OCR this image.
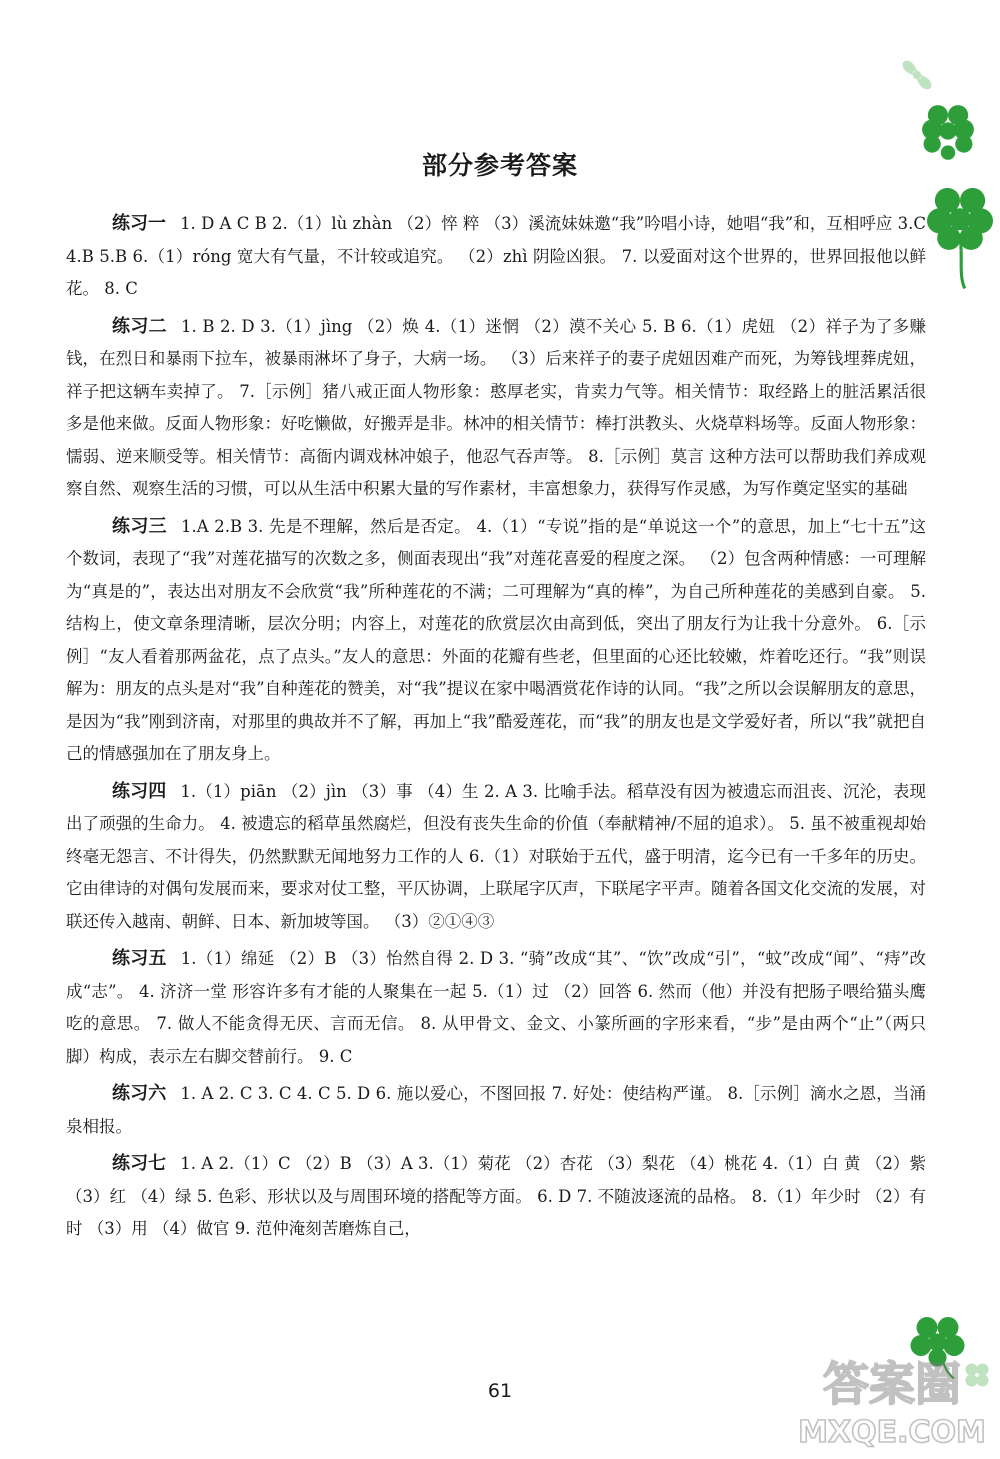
部分参考答案

练习一 1. D A C B 2.（1）lù zhàn （2）悴 粹 （3）溪流妹妹邀“我”吟唱小诗，她唱“我”和，互相呼应 3.C 4.B 5.B 6.（1）róng 宽大有气量，不计较或追究。 （2）zhì 阴险凶狠。 7. 以爱面对这个世界的，世界回报他以鲜花。 8. C

练习二 1. B 2. D 3.（1）jìng （2）焕 4.（1）迷惘 （2）漠不关心 5. B 6.（1）虎妞 （2）祥子为了多赚钱，在烈日和暴雨下拉车，被暴雨淋坏了身子，大病一场。 （3）后来祥子的妻子虎妞因难产而死，为筹钱埋葬虎妞，祥子把这辆车卖掉了。 7.［示例］猪八戒正面人物形象：憨厚老实，肯卖力气等。相关情节：取经路上的脏活累活很多是他来做。反面人物形象：好吃懒做，好搬弄是非。林冲的相关情节：棒打洪教头、火烧草料场等。反面人物形象：懦弱、逆来顺受等。相关情节：高衙内调戏林冲娘子，他忍气吞声等。 8.［示例］莫言 这种方法可以帮助我们养成观察自然、观察生活的习惯，可以从生活中积累大量的写作素材，丰富想象力，获得写作灵感，为写作奠定坚实的基础

练习三 1.A 2.B 3. 先是不理解，然后是否定。 4.（1）“专说”指的是“单说这一个”的意思，加上“七十五”这个数词，表现了“我”对莲花描写的次数之多，侧面表现出“我”对莲花喜爱的程度之深。 （2）包含两种情感：一可理解为“真是的”，表达出对朋友不会欣赏“我”所种莲花的不满；二可理解为“真的棒”，为自己所种莲花的美感到自豪。 5. 结构上，使文章条理清晰，层次分明；内容上，对莲花的欣赏层次由高到低，突出了朋友行为让我十分意外。 6.［示例］“友人看着那两盆花，点了点头。”友人的意思：外面的花瓣有些老，但里面的心还比较嫩，炸着吃还行。“我”则误解为：朋友的点头是对“我”自种莲花的赞美，对“我”提议在家中喝酒赏花作诗的认同。“我”之所以会误解朋友的意思，是因为“我”刚到济南，对那里的典故并不了解，再加上“我”酷爱莲花，而“我”的朋友也是文学爱好者，所以“我”就把自己的情感强加在了朋友身上。

练习四 1.（1）piān （2）jìn （3）事 （4）生 2. A 3. 比喻手法。稻草没有因为被遗忘而沮丧、沉沦，表现出了顽强的生命力。 4. 被遗忘的稻草虽然腐烂，但没有丧失生命的价值（奉献精神/不屈的追求）。 5. 虽不被重视却始终毫无怨言、不计得失，仍然默默无闻地努力工作的人 6.（1）对联始于五代，盛于明清，迄今已有一千多年的历史。它由律诗的对偶句发展而来，要求对仗工整，平仄协调，上联尾字仄声，下联尾字平声。随着各国文化交流的发展，对联还传入越南、朝鲜、日本、新加坡等国。 （3）②①④③

练习五 1.（1）绵延 （2）B （3）怡然自得 2. D 3. “骑”改成“其”、“饮”改成“引”，“蚊”改成“闻”、“痔”改成“志”。 4. 济济一堂 形容许多有才能的人聚集在一起 5.（1）过 （2）回答 6. 然而（他）并没有把肠子喂给猫头鹰吃的意思。 7. 做人不能贪得无厌、言而无信。 8. 从甲骨文、金文、小篆所画的字形来看，“步”是由两个“止”（两只脚）构成，表示左右脚交替前行。 9. C

练习六 1. A 2. C 3. C 4. C 5. D 6. 施以爱心，不图回报 7. 好处：使结构严谨。 8.［示例］滴水之恩，当涌泉相报。

练习七 1. A 2.（1）C （2）B （3）A 3.（1）菊花 （2）杏花 （3）梨花 （4）桃花 4.（1）白 黄 （2）紫 （3）红 （4）绿 5. 色彩、形状以及与周围环境的搭配等方面。 6. D 7. 不随波逐流的品格。 8.（1）年少时 （2）有时 （3）用 （4）做官 9. 范仲淹刻苦磨炼自己，

61	答案圈
MXQE.COM
